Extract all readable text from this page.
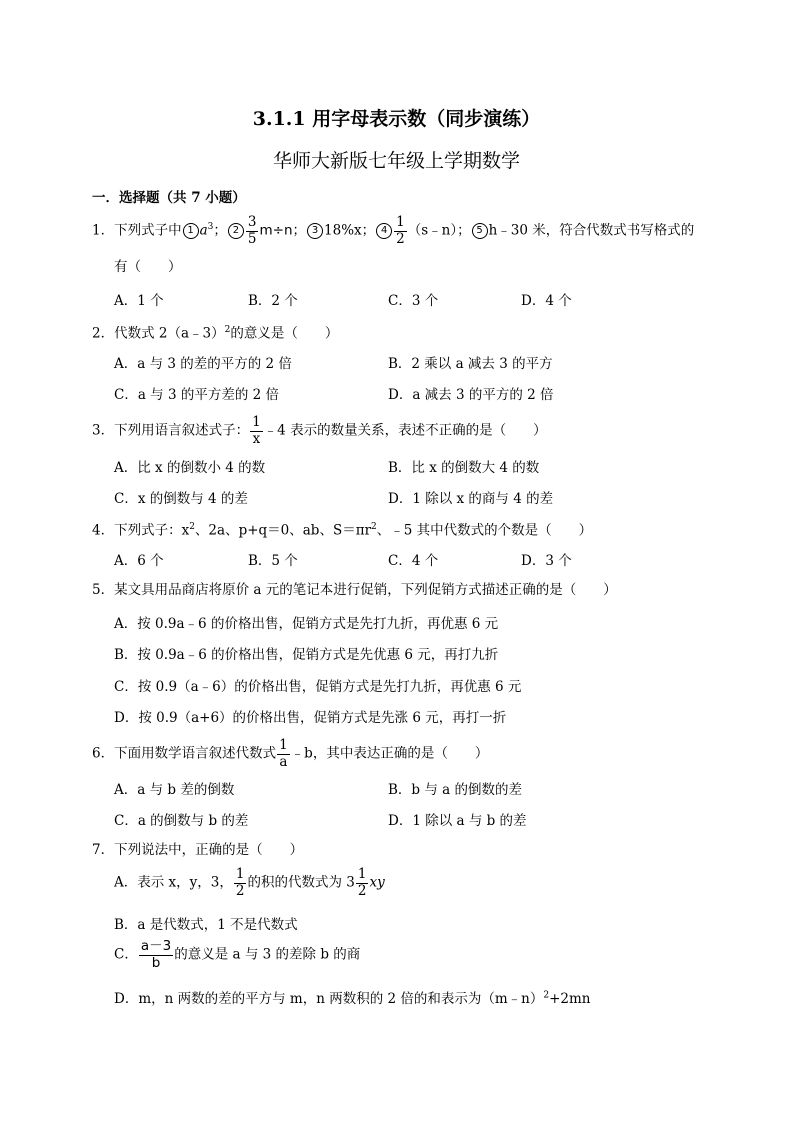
3.1.1 用字母表示数（同步演练）
华师大新版七年级上学期数学
一．选择题（共 7 小题）
1．下列式子中 1 $a^3$； $2 \frac{3}{5} m\div n$； 3 18%x； $4 \frac{1}{2}$ （s﹣n）； 5 h﹣30 米，符合代数式书写格式的
有（　　）
A．1 个	B．2 个	C．3 个	D．4 个
2．代数式 2（a﹣3）$^2$的意义是（　　）
A．a 与 3 的差的平方的 2 倍	B．2 乘以 a 减去 3 的平方
C．a 与 3 的平方差的 2 倍	D．a 减去 3 的平方的 2 倍
3．下列用语言叙述式子： $\frac{1}{x}$ ﹣4 表示的数量关系，表述不正确的是（　　）
A．比 x 的倒数小 4 的数	B．比 x 的倒数大 4 的数
C．x 的倒数与 4 的差	D．1 除以 x 的商与 4 的差
4．下列式子：$x^2$、2a、p+q＝0、ab、$S=\pi r^2$、﹣5 其中代数式的个数是（　　）
A．6 个	B．5 个	C．4 个	D．3 个
5．某文具用品商店将原价 a 元的笔记本进行促销，下列促销方式描述正确的是（　　）
A．按 0.9a﹣6 的价格出售，促销方式是先打九折，再优惠 6 元
B．按 0.9a﹣6 的价格出售，促销方式是先优惠 6 元，再打九折
C．按 0.9（a﹣6）的价格出售，促销方式是先打九折，再优惠 6 元
D．按 0.9（a+6）的价格出售，促销方式是先涨 6 元，再打一折
6．下面用数学语言叙述代数式 $\frac{1}{a}$ ﹣b，其中表达正确的是（　　）
A．a 与 b 差的倒数	B．b 与 a 的倒数的差
C．a 的倒数与 b 的差	D．1 除以 a 与 b 的差
7．下列说法中，正确的是（　　）
A．表示 x，y，3， $\frac{1}{2}$ 的积的代数式为 $3 \frac{1}{2}$ xy
B．a 是代数式，1 不是代数式
C． $\frac{a-3}{b}$ 的意义是 a 与 3 的差除 b 的商
D．m，n 两数的差的平方与 m，n 两数积的 2 倍的和表示为（m﹣n）$^2$+2mn
